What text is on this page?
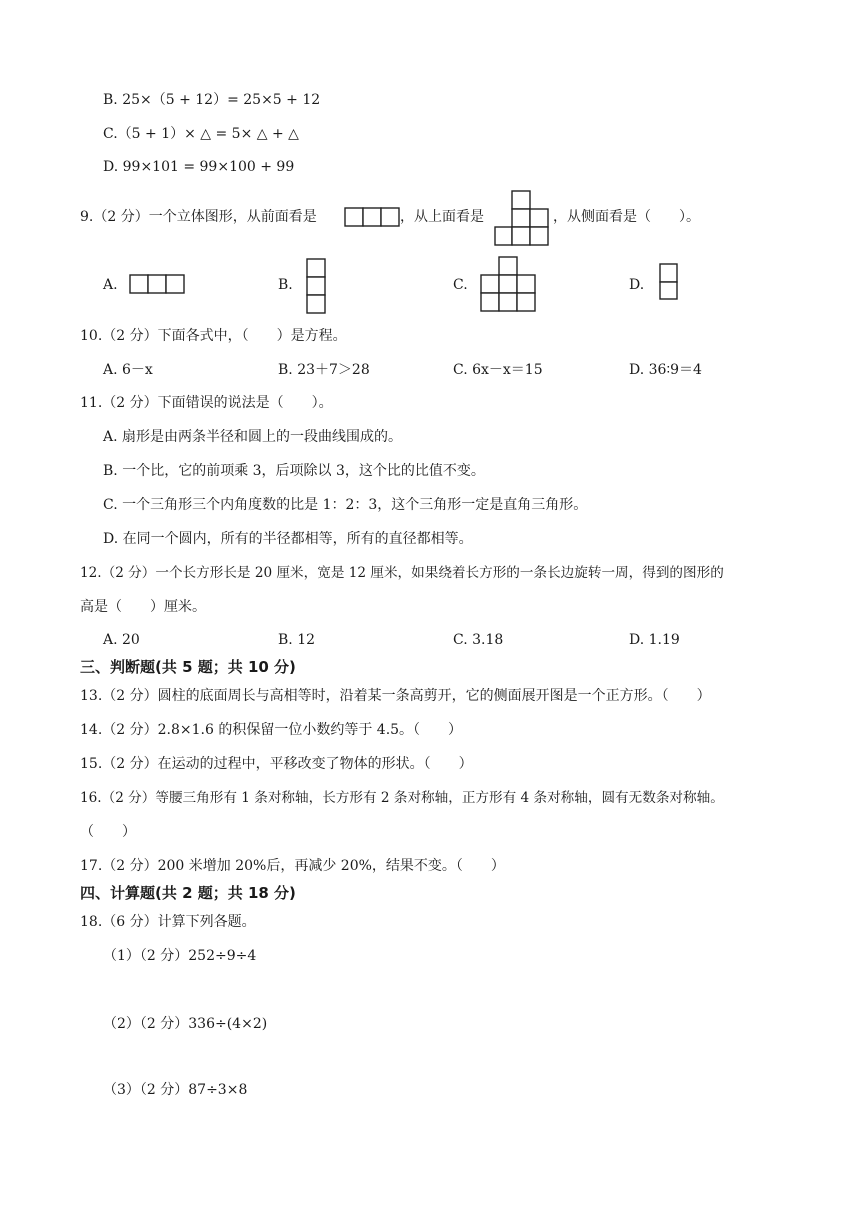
B. 25×（5 + 12）= 25×5 + 12
C.（5 + 1）× △ = 5× △ + △
D. 99×101 = 99×100 + 99
9.（2 分）一个立体图形，从前面看是	，从上面看是	，从侧面看是（　　）。
A.	B.	C.	D.
10.（2 分）下面各式中，（　　）是方程。
A. 6－x	B. 23＋7＞28	C. 6x－x＝15	D. 36∶9＝4
11.（2 分）下面错误的说法是（　　）。
A. 扇形是由两条半径和圆上的一段曲线围成的。
B. 一个比，它的前项乘 3，后项除以 3，这个比的比值不变。
C. 一个三角形三个内角度数的比是 1：2：3，这个三角形一定是直角三角形。
D. 在同一个圆内，所有的半径都相等，所有的直径都相等。
12.（2 分）一个长方形长是 20 厘米，宽是 12 厘米，如果绕着长方形的一条长边旋转一周，得到的图形的
高是（　　）厘米。
A. 20	B. 12	C. 3.18	D. 1.19
三、判断题(共 5 题；共 10 分)
13.（2 分）圆柱的底面周长与高相等时，沿着某一条高剪开，它的侧面展开图是一个正方形。（　　）
14.（2 分）2.8×1.6 的积保留一位小数约等于 4.5。（　　）
15.（2 分）在运动的过程中，平移改变了物体的形状。（　　）
16.（2 分）等腰三角形有 1 条对称轴，长方形有 2 条对称轴，正方形有 4 条对称轴，圆有无数条对称轴。
（　　）
17.（2 分）200 米增加 20%后，再减少 20%，结果不变。（　　）
四、计算题(共 2 题；共 18 分)
18.（6 分）计算下列各题。
（1）（2 分）252÷9÷4
（2）（2 分）336÷(4×2)
（3）（2 分）87÷3×8
